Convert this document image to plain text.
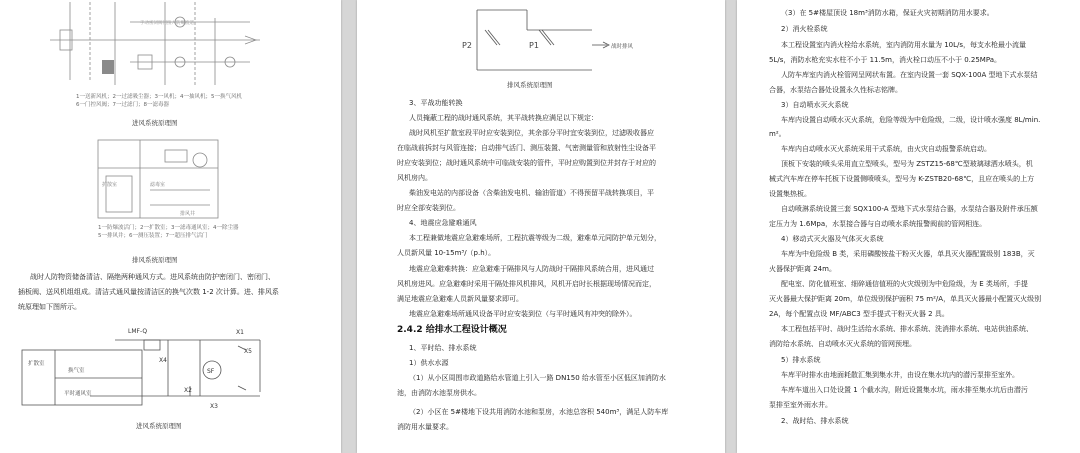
手动密闭阀门接入防爆波道
扩散室	滤毒室
排风井
LMF-Q
X4
SF
X5
X1
X2
X3
扩散室
换气室
平时通风室
1一送新风机；2一过滤吸尘器；3一风机；4一抽风机；5一换气风机
6一门控风阀；7一过滤门；8一滤毒器
进风系统原理图
1一防爆波活门；2一扩散室；3一滤毒通风室；4一除尘器
5一排风井；6一测压装置；7一超压排气活门
排风系统原理图
战时人防物资储备清洁、隔绝两种通风方式。进风系统由防护密闭门、密闭门、
插板阀、送风机组组成。清洁式通风量按清洁区的换气次数 1-2 次计算。进、排风系
统原理如下图所示。
进风系统原理图
P2	P1	战时排风
排风系统原理图
3、平战功能转换
人员掩蔽工程的战时通风系统，其平战转换应满足以下规定：
战时风机至扩散室段平时应安装到位，其余部分平时宜安装到位，过滤吸收器应
在临战前拆封与风管连接；自动排气活门、测压装置、气密测量管和放射性尘设备平
时应安装到位；战时通风系统中可临战安装的管件，平时应购置到位并封存于对应的
风机房内。
柴油发电站的内部设备（含柴油发电机、输油管道）不得预留平战转换项目，平
时应全部安装到位。
4、地震应急避难通风
本工程兼做地震应急避难场所，工程抗震等级为二级，避难单元同防护单元划分，
人员新风量 10-15m³/（p.h）。
地震应急避难转换：应急避难于隔排风与人防战时干隔排风系统合用，进风通过
风机房进风。应急避难时采用干隔处排风机排风，风机开启时长根据现场情况而定，
满足地震应急避难人员新风量要求即可。
地震应急避难场所通风设备平时应安装到位（与平时通风有冲突的除外）。
2.4.2 给排水工程设计概况
1、平时给、排水系统
1）供水水源
（1）从小区周围市政道路给水管道上引入一路 DN150 给水管至小区低区加消防水
池，由消防水池泵房供水。
（2）小区在 5#楼地下设共用消防水池和泵房，水池总容积 540m³，满足人防车库
消防用水量要求。
（3）在 5#楼屋顶设 18m³消防水箱，保证火灾初期消防用水要求。
2）消火栓系统
本工程设置室内消火栓给水系统，室内消防用水量为 10L/s，每支水枪最小流量
5L/s，消防水枪充实水柱不小于 11.5m，消火栓口动压不小于 0.25MPa。
人防车库室内消火栓管网呈网状布置。在室内设置一套 SQX-100A 型地下式水泵结
合器，水泵结合器处设置永久性标志铭牌。
3）自动喷水灭火系统
车库内设置自动喷水灭火系统，危险等级为中危险级，二级，设计喷水强度 8L/min.
m²。
车库内自动喷水灭火系统采用干式系统，由火灾自动报警系统启动。
顶板下安装的喷头采用直立型喷头，型号为 ZSTZ15-68℃型玻璃球洒水喷头，机
械式汽车库在停车托板下设置侧喷喷头，型号为 K-ZSTB20-68℃，且应在喷头的上方
设置集热板。
自动喷淋系统设置三套 SQX100-A 型地下式水泵结合器，水泵结合器及附件承压额
定压力为 1.6Mpa，水泵接合器与自动喷水系统报警阀前的管网相连。
4）移动式灭火器及气体灭火系统
车库为中危险级 B 类，采用磷酸铵盐干粉灭火器，单具灭火器配置级别 183B，灭
火器保护距离 24m。
配电室、防化值班室、细碎通信值班的火灾级别为中危险级，为 E 类场所，手提
灭火器最大保护距离 20m，单位级别保护面积 75 m²/A，单具灭火器最小配置灭火级别
2A，每个配置点设 MF/ABC3 型手提式干粉灭火器 2 具。
本工程包括平时、战时生活给水系统、排水系统、洗消排水系统、电站供油系统、
消防给水系统、自动喷水灭火系统的管网预埋。
5）排水系统
车库平时排水由地面耗散汇集到集水井，由设在集水坑内的潜污泵排至室外。
车库车道出入口处设置 1 个截水沟，附近设置集水坑，雨水排至集水坑后由潜污
泵排至室外雨水井。
2、战时给、排水系统
